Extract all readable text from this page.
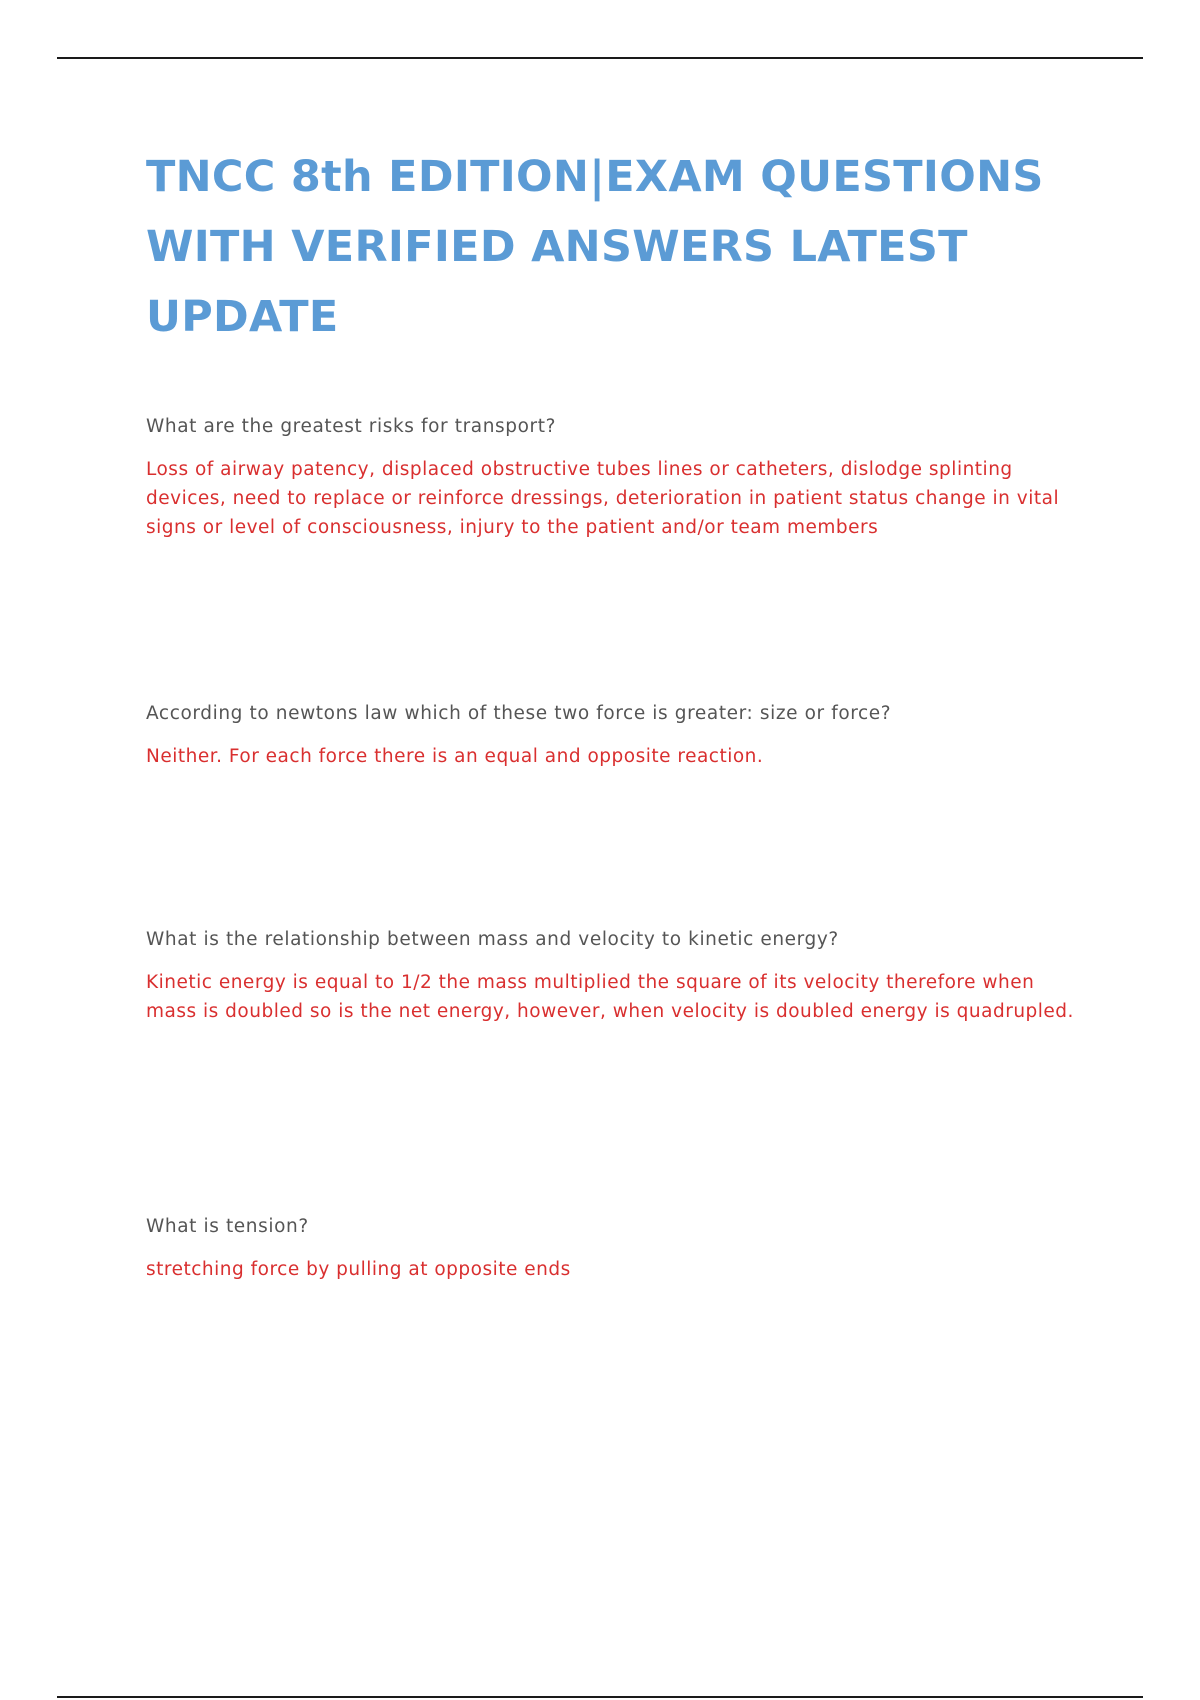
TNCC 8th EDITION|EXAM QUESTIONS WITH VERIFIED ANSWERS LATEST UPDATE

What are the greatest risks for transport?

Loss of airway patency, displaced obstructive tubes lines or catheters, dislodge splinting devices, need to replace or reinforce dressings, deterioration in patient status change in vital signs or level of consciousness, injury to the patient and/or team members

According to newtons law which of these two force is greater: size or force?

Neither. For each force there is an equal and opposite reaction.

What is the relationship between mass and velocity to kinetic energy?

Kinetic energy is equal to 1/2 the mass multiplied the square of its velocity therefore when mass is doubled so is the net energy, however, when velocity is doubled energy is quadrupled.

What is tension?

stretching force by pulling at opposite ends
